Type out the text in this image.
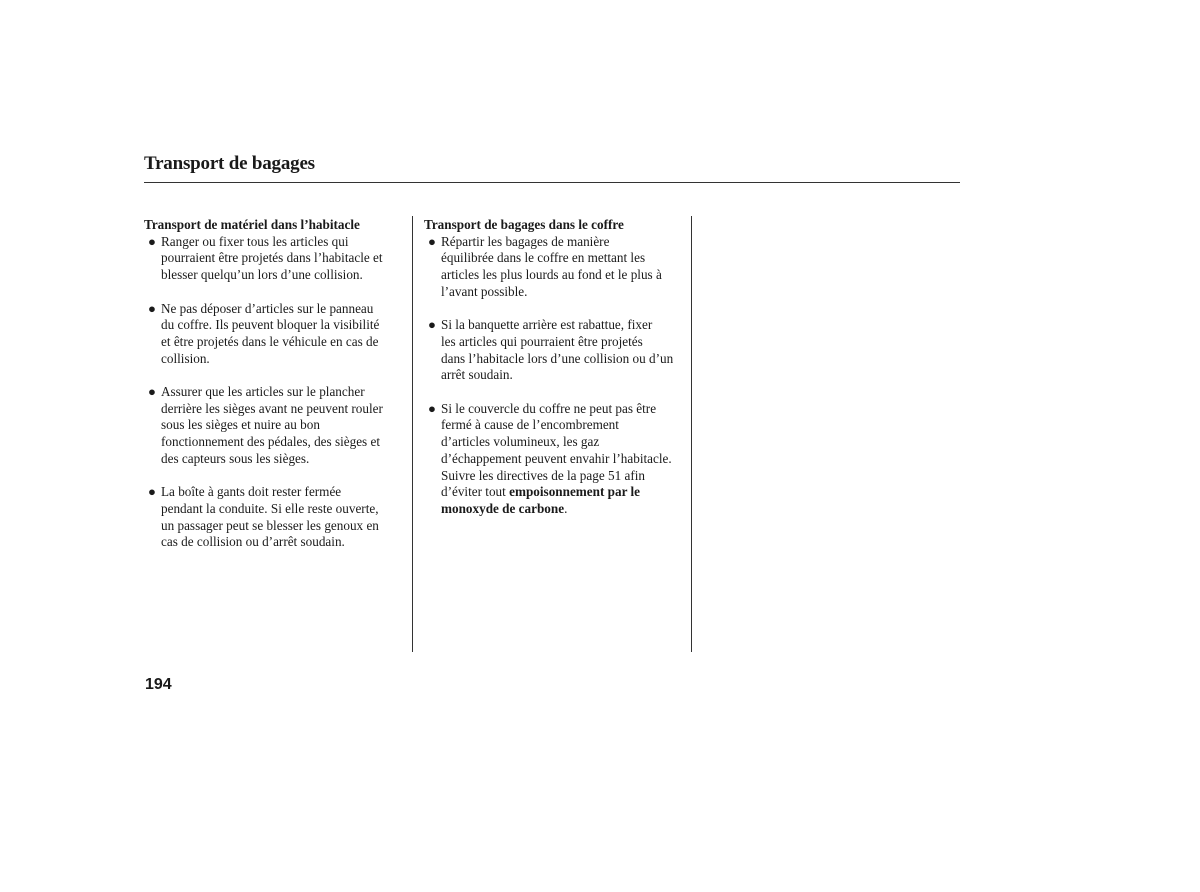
Transport de bagages
Transport de matériel dans l’habitacle
● Ranger ou fixer tous les articles qui
pourraient être projetés dans l’habitacle et
blesser quelqu’un lors d’une collision.
● Ne pas déposer d’articles sur le panneau
du coffre. Ils peuvent bloquer la visibilité
et être projetés dans le véhicule en cas de
collision.
● Assurer que les articles sur le plancher
derrière les sièges avant ne peuvent rouler
sous les sièges et nuire au bon
fonctionnement des pédales, des sièges et
des capteurs sous les sièges.
● La boîte à gants doit rester fermée
pendant la conduite. Si elle reste ouverte,
un passager peut se blesser les genoux en
cas de collision ou d’arrêt soudain.
Transport de bagages dans le coffre
● Répartir les bagages de manière
équilibrée dans le coffre en mettant les
articles les plus lourds au fond et le plus à
l’avant possible.
● Si la banquette arrière est rabattue, fixer
les articles qui pourraient être projetés
dans l’habitacle lors d’une collision ou d’un
arrêt soudain.
● Si le couvercle du coffre ne peut pas être
fermé à cause de l’encombrement
d’articles volumineux, les gaz
d’échappement peuvent envahir l’habitacle.
Suivre les directives de la page 51 afin
d’éviter tout empoisonnement par le
monoxyde de carbone.
194
